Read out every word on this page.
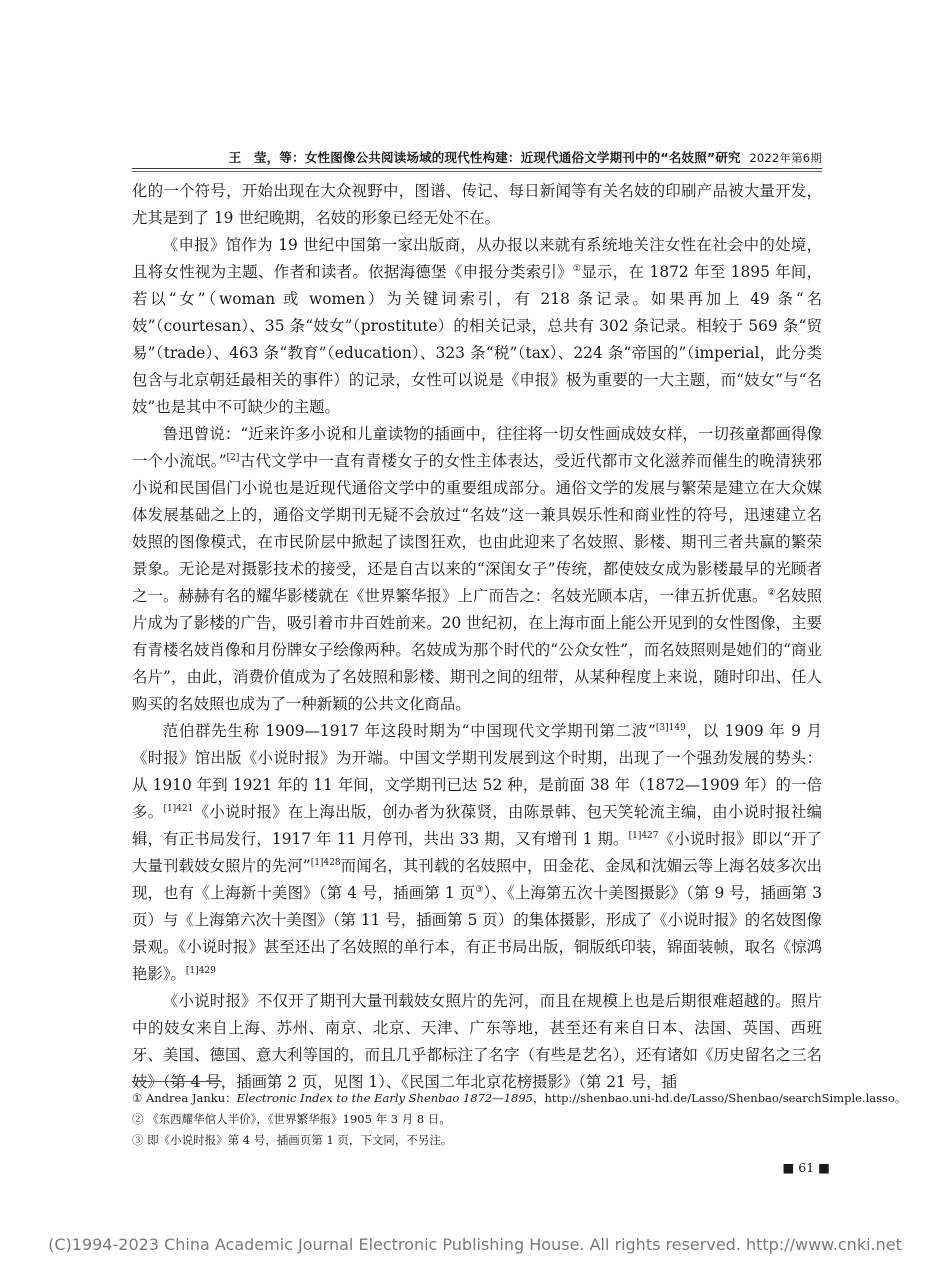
王　莹，等：女性图像公共阅读场域的现代性构建：近现代通俗文学期刊中的“名妓照”研究 2022年第6期

化的一个符号，开始出现在大众视野中，图谱、传记、每日新闻等有关名妓的印刷产品被大量开发，尤其是到了 19 世纪晚期，名妓的形象已经无处不在。

《申报》馆作为 19 世纪中国第一家出版商，从办报以来就有系统地关注女性在社会中的处境，且将女性视为主题、作者和读者。依据海德堡《申报分类索引》①显示，在 1872 年至 1895 年间，若以“女”（woman 或 women）为关键词索引，有 218 条记录。如果再加上 49 条“名妓”（courtesan）、35 条“妓女”（prostitute）的相关记录，总共有 302 条记录。相较于 569 条“贸易”（trade）、463 条“教育”（education）、323 条“税”（tax）、224 条“帝国的”（imperial，此分类包含与北京朝廷最相关的事件）的记录，女性可以说是《申报》极为重要的一大主题，而“妓女”与“名妓”也是其中不可缺少的主题。

鲁迅曾说：“近来许多小说和儿童读物的插画中，往往将一切女性画成妓女样，一切孩童都画得像一个小流氓。”[2]古代文学中一直有青楼女子的女性主体表达，受近代都市文化滋养而催生的晚清狭邪小说和民国倡门小说也是近现代通俗文学中的重要组成部分。通俗文学的发展与繁荣是建立在大众媒体发展基础之上的，通俗文学期刊无疑不会放过“名妓”这一兼具娱乐性和商业性的符号，迅速建立名妓照的图像模式，在市民阶层中掀起了读图狂欢，也由此迎来了名妓照、影楼、期刊三者共赢的繁荣景象。无论是对摄影技术的接受，还是自古以来的“深闺女子”传统，都使妓女成为影楼最早的光顾者之一。赫赫有名的耀华影楼就在《世界繁华报》上广而告之：名妓光顾本店，一律五折优惠。②名妓照片成为了影楼的广告，吸引着市井百姓前来。20 世纪初，在上海市面上能公开见到的女性图像，主要有青楼名妓肖像和月份牌女子绘像两种。名妓成为那个时代的“公众女性”，而名妓照则是她们的“商业名片”，由此，消费价值成为了名妓照和影楼、期刊之间的纽带，从某种程度上来说，随时印出、任人购买的名妓照也成为了一种新颖的公共文化商品。

范伯群先生称 1909—1917 年这段时期为“中国现代文学期刊第二波”$^{[3]149}$，以 1909 年 9 月《时报》馆出版《小说时报》为开端。中国文学期刊发展到这个时期，出现了一个强劲发展的势头：从 1910 年到 1921 年的 11 年间，文学期刊已达 52 种，是前面 38 年（1872—1909 年）的一倍多。$^{[1]421}$《小说时报》在上海出版，创办者为狄葆贤，由陈景韩、包天笑轮流主编，由小说时报社编辑，有正书局发行，1917 年 11 月停刊，共出 33 期，又有增刊 1 期。$^{[1]427}$《小说时报》即以“开了大量刊载妓女照片的先河”$^{[1]428}$而闻名，其刊载的名妓照中，田金花、金凤和沈媚云等上海名妓多次出现，也有《上海新十美图》（第 4 号，插画第 1 页③）、《上海第五次十美图摄影》（第 9 号，插画第 3 页）与《上海第六次十美图》（第 11 号，插画第 5 页）的集体摄影，形成了《小说时报》的名妓图像景观。《小说时报》甚至还出了名妓照的单行本，有正书局出版，铜版纸印装，锦面装帧，取名《惊鸿艳影》。$^{[1]429}$

《小说时报》不仅开了期刊大量刊载妓女照片的先河，而且在规模上也是后期很难超越的。照片中的妓女来自上海、苏州、南京、北京、天津、广东等地，甚至还有来自日本、法国、英国、西班牙、美国、德国、意大利等国的，而且几乎都标注了名字（有些是艺名），还有诸如《历史留名之三名妓》（第 4 号，插画第 2 页，见图 1）、《民国二年北京花榜摄影》（第 21 号，插

① Andrea Janku：Electronic Index to the Early Shenbao 1872—1895，http://shenbao.uni-hd.de/Lasso/Shenbao/searchSimple.lasso。
② 《东西耀华倌人半价》，《世界繁华报》1905 年 3 月 8 日。
③ 即《小说时报》第 4 号，插画页第 1 页，下文同，不另注。
■ 61 ■
(C)1994-2023 China Academic Journal Electronic Publishing House. All rights reserved. http://www.cnki.net
